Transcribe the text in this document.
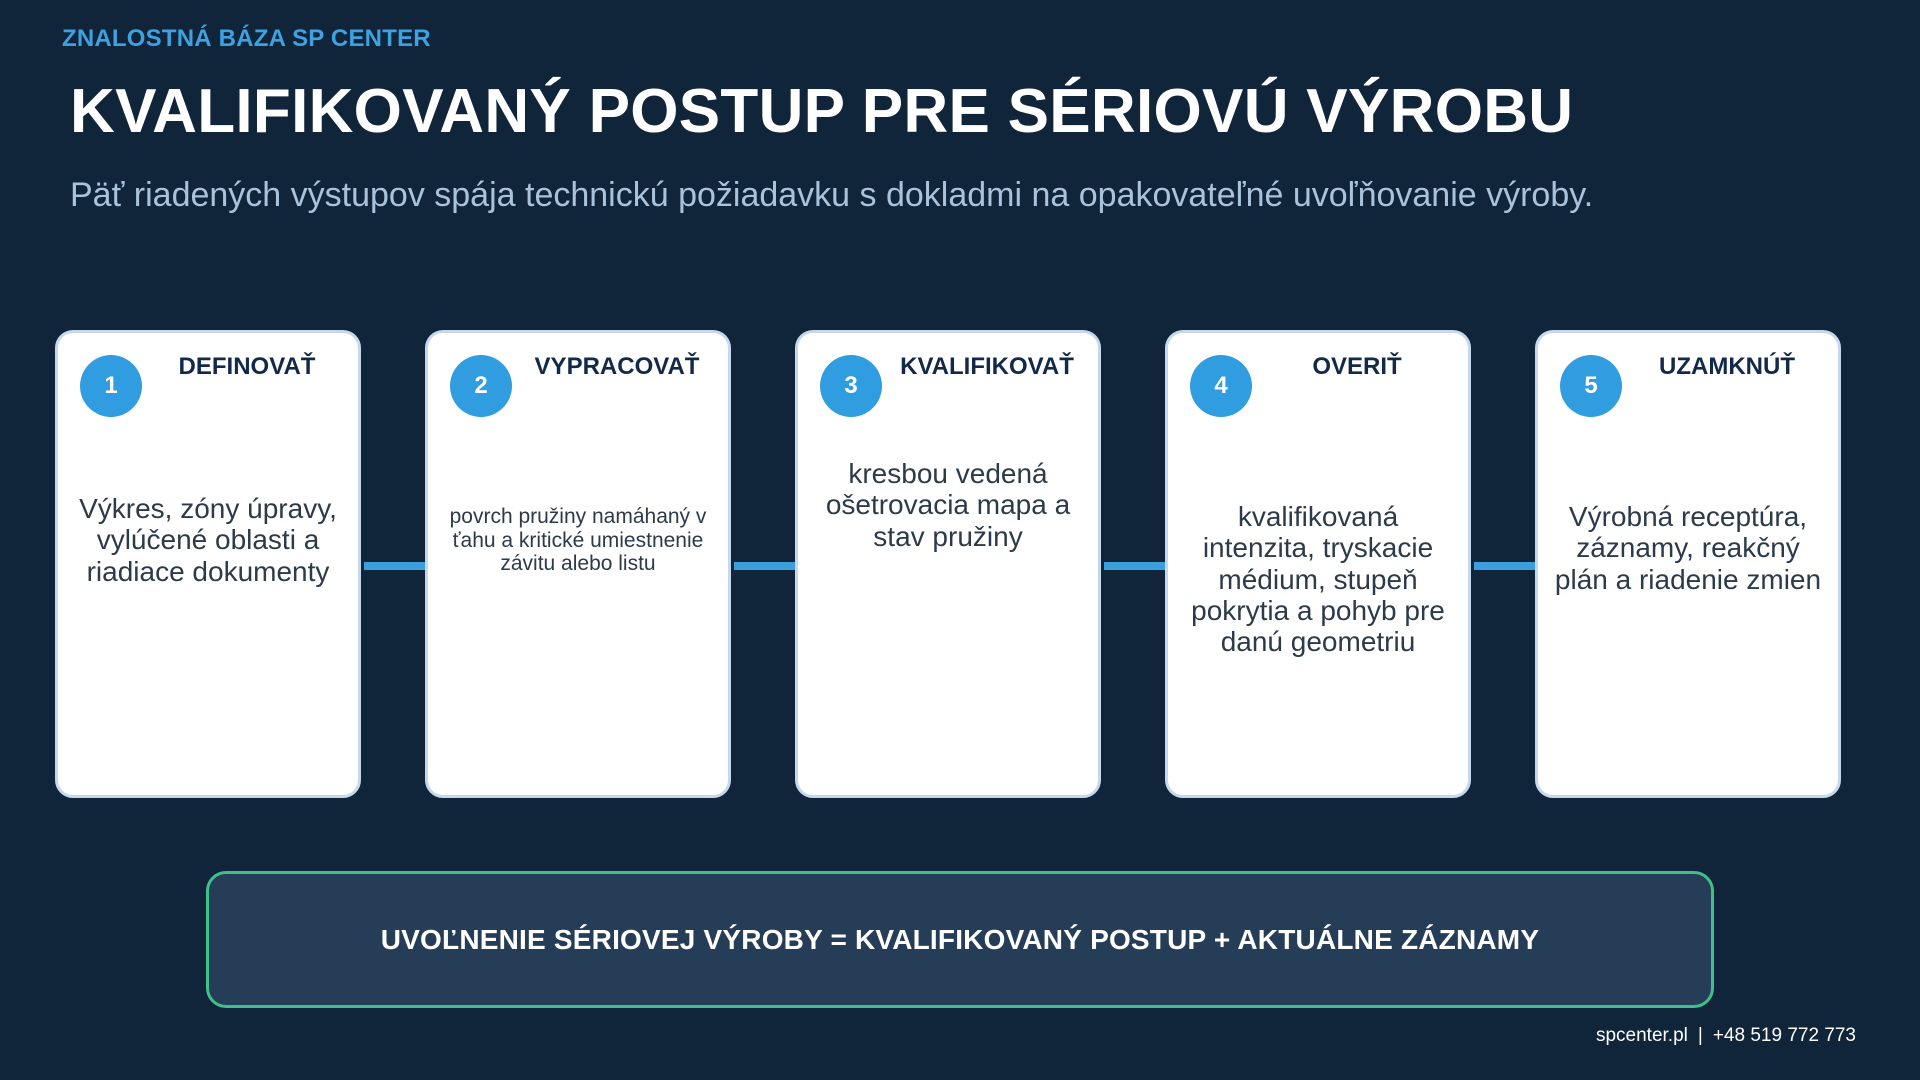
ZNALOSTNÁ BÁZA SP CENTER
KVALIFIKOVANÝ POSTUP PRE SÉRIOVÚ VÝROBU
Päť riadených výstupov spája technickú požiadavku s dokladmi na opakovateľné uvoľňovanie výroby.
1
DEFINOVAŤ
Výkres, zóny úpravy, vylúčené oblasti a riadiace dokumenty
2
VYPRACOVAŤ
povrch pružiny namáhaný v ťahu a kritické umiestnenie závitu alebo listu
3
KVALIFIKOVAŤ
kresbou vedená ošetrovacia mapa a stav pružiny
4
OVERIŤ
kvalifikovaná intenzita, tryskacie médium, stupeň pokrytia a pohyb pre danú geometriu
5
UZAMKNÚŤ
Výrobná receptúra, záznamy, reakčný plán a riadenie zmien
UVOĽNENIE SÉRIOVEJ VÝROBY = KVALIFIKOVANÝ POSTUP + AKTUÁLNE ZÁZNAMY
spcenter.pl | +48 519 772 773
